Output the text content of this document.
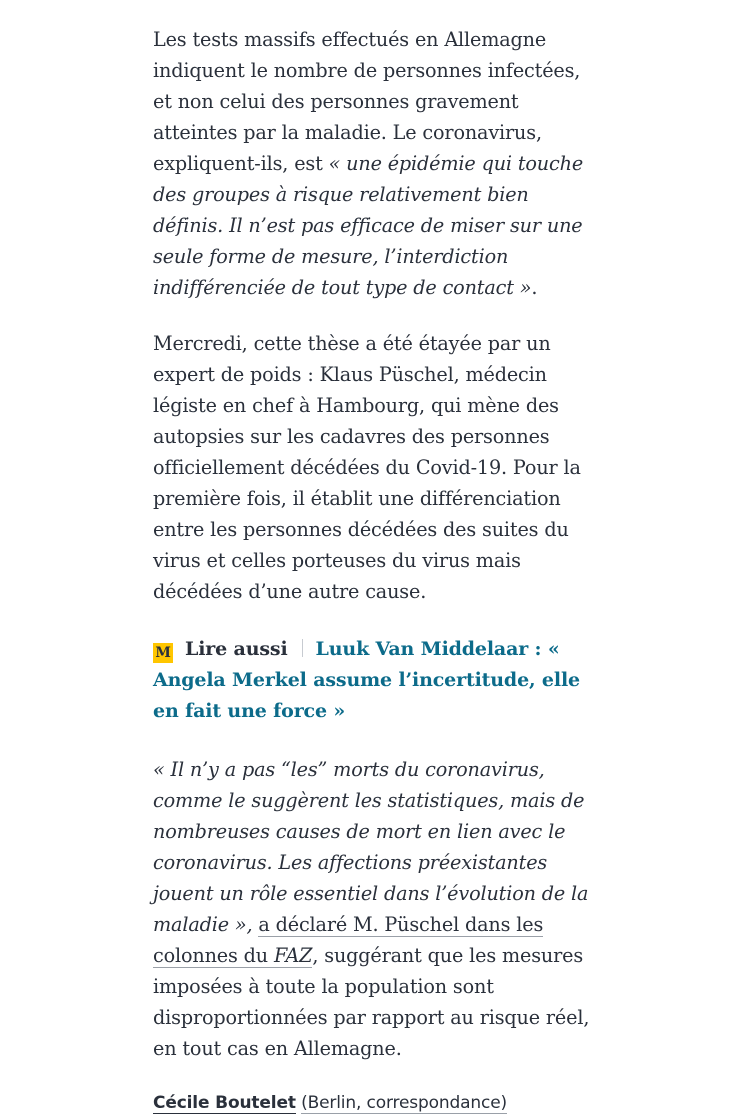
Les tests massifs effectués en Allemagne indiquent le nombre de personnes infectées, et non celui des personnes gravement atteintes par la maladie. Le coronavirus, expliquent-ils, est « une épidémie qui touche des groupes à risque relativement bien définis. Il n’est pas efficace de miser sur une seule forme de mesure, l’interdiction indifférenciée de tout type de contact ».

Mercredi, cette thèse a été étayée par un expert de poids : Klaus Püschel, médecin légiste en chef à Hambourg, qui mène des autopsies sur les cadavres des personnes officiellement décédées du Covid-19. Pour la première fois, il établit une différenciation entre les personnes décédées des suites du virus et celles porteuses du virus mais décédées d’une autre cause.

M Lire aussi Luuk Van Middelaar : « Angela Merkel assume l’incertitude, elle en fait une force »

« Il n’y a pas “les” morts du coronavirus, comme le suggèrent les statistiques, mais de nombreuses causes de mort en lien avec le coronavirus. Les affections préexistantes jouent un rôle essentiel dans l’évolution de la maladie », a déclaré M. Püschel dans les colonnes du FAZ, suggérant que les mesures imposées à toute la population sont disproportionnées par rapport au risque réel, en tout cas en Allemagne.

Cécile Boutelet (Berlin, correspondance)
